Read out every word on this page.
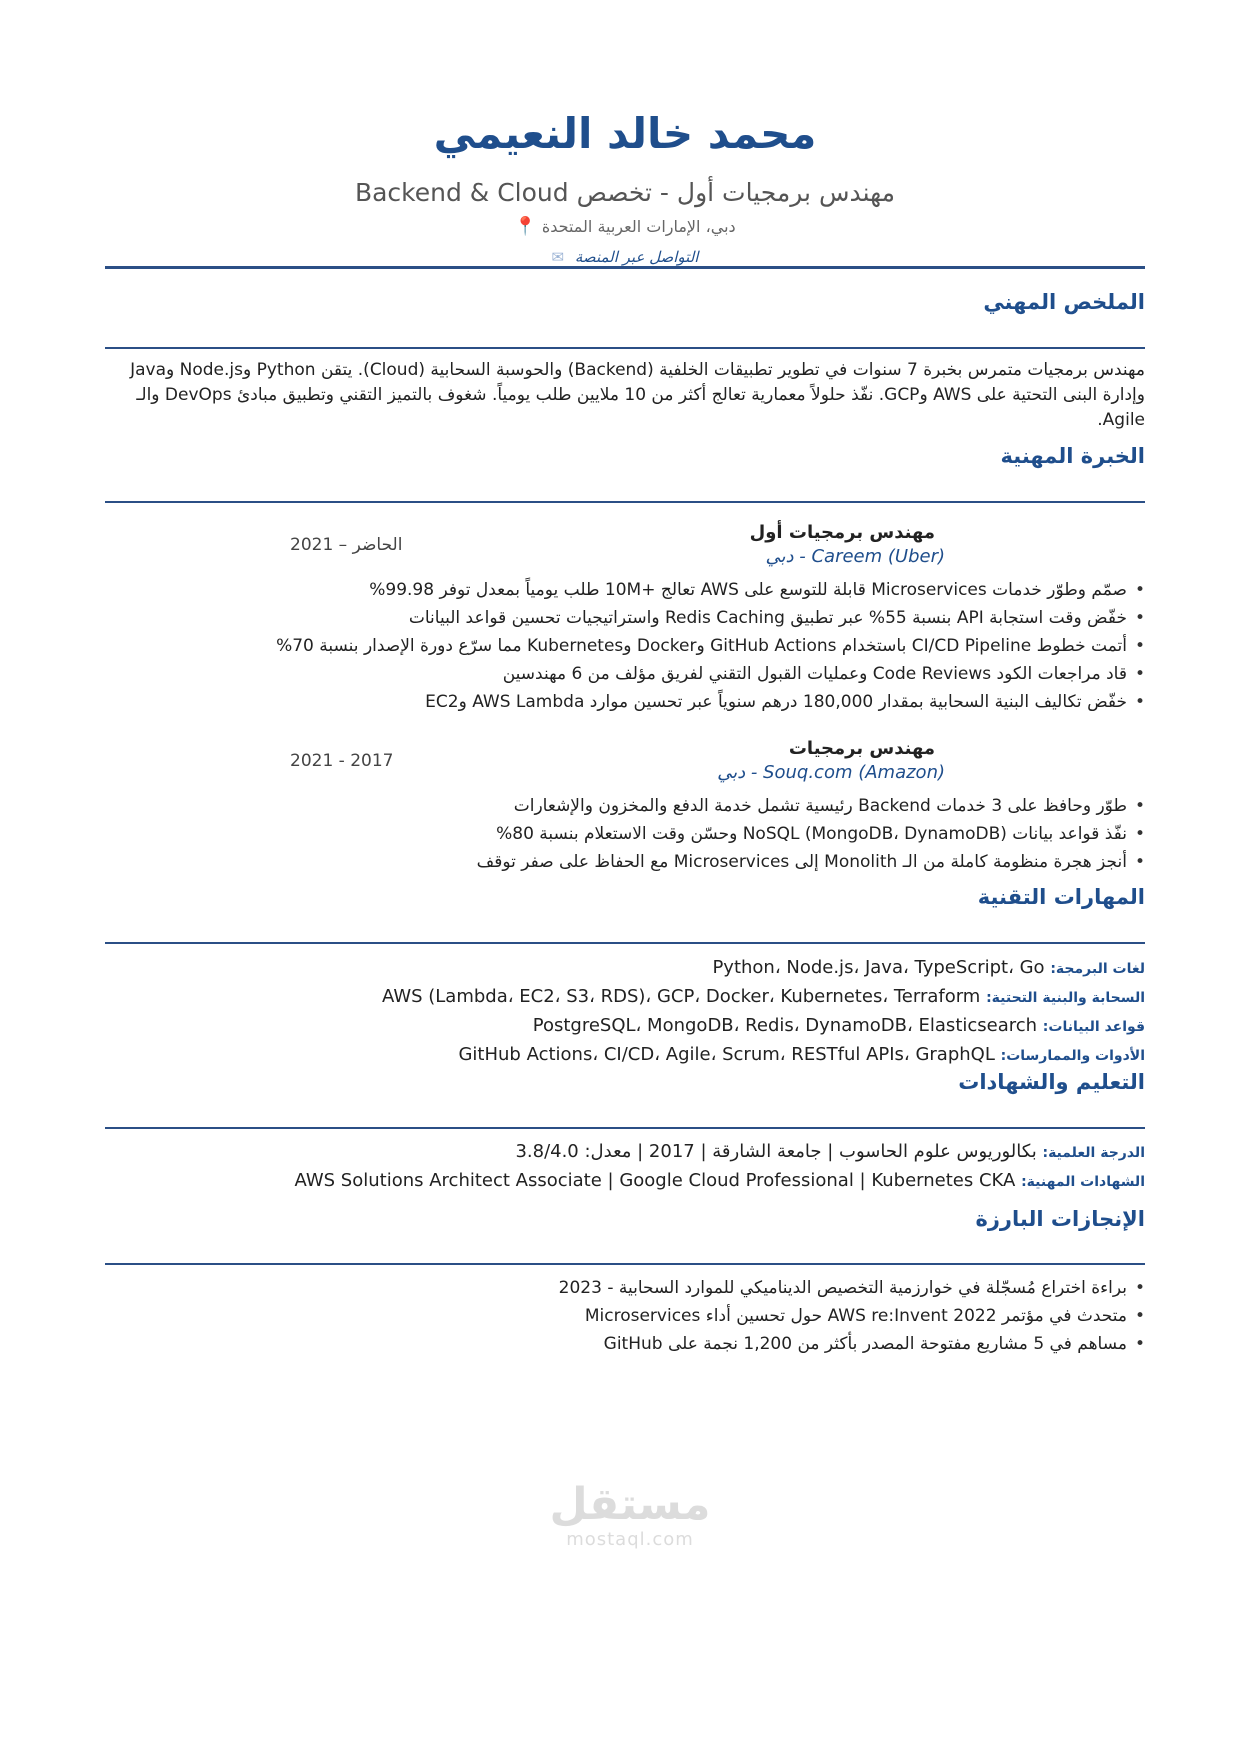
محمد خالد النعيمي
مهندس برمجيات أول - تخصص Backend & Cloud
دبي، الإمارات العربية المتحدة 📍
التواصل عبر المنصة ✉
الملخص المهني
مهندس برمجيات متمرس بخبرة 7 سنوات في تطوير تطبيقات الخلفية (Backend) والحوسبة السحابية (Cloud). يتقن Python وNode.js وJava وإدارة البنى التحتية على AWS وGCP. نفّذ حلولاً معمارية تعالج أكثر من 10 ملايين طلب يومياً. شغوف بالتميز التقني وتطبيق مبادئ DevOps والـ Agile.
الخبرة المهنية
مهندس برمجيات أول
Careem (Uber) - دبي
الحاضر – 2021
• صمّم وطوّر خدمات Microservices قابلة للتوسع على AWS تعالج +10M طلب يومياً بمعدل توفر 99.98%
• خفّض وقت استجابة API بنسبة 55% عبر تطبيق Redis Caching واستراتيجيات تحسين قواعد البيانات
• أتمت خطوط CI/CD Pipeline باستخدام GitHub Actions وDocker وKubernetes مما سرّع دورة الإصدار بنسبة 70%
• قاد مراجعات الكود Code Reviews وعمليات القبول التقني لفريق مؤلف من 6 مهندسين
• خفّض تكاليف البنية السحابية بمقدار 180,000 درهم سنوياً عبر تحسين موارد AWS Lambda وEC2
مهندس برمجيات
Souq.com (Amazon) - دبي
2017 - 2021
• طوّر وحافظ على 3 خدمات Backend رئيسية تشمل خدمة الدفع والمخزون والإشعارات
• نفّذ قواعد بيانات NoSQL (MongoDB، DynamoDB) وحسّن وقت الاستعلام بنسبة 80%
• أنجز هجرة منظومة كاملة من الـ Monolith إلى Microservices مع الحفاظ على صفر توقف
المهارات التقنية
لغات البرمجة: Python، Node.js، Java، TypeScript، Go
السحابة والبنية التحتية: AWS (Lambda، EC2، S3، RDS)، GCP، Docker، Kubernetes، Terraform
قواعد البيانات: PostgreSQL، MongoDB، Redis، DynamoDB، Elasticsearch
الأدوات والممارسات: GitHub Actions، CI/CD، Agile، Scrum، RESTful APIs، GraphQL
التعليم والشهادات
الدرجة العلمية: بكالوريوس علوم الحاسوب | جامعة الشارقة | 2017 | معدل: 3.8/4.0
الشهادات المهنية: AWS Solutions Architect Associate | Google Cloud Professional | Kubernetes CKA
الإنجازات البارزة
• براءة اختراع مُسجّلة في خوارزمية التخصيص الديناميكي للموارد السحابية - 2023
• متحدث في مؤتمر AWS re:Invent 2022 حول تحسين أداء Microservices
• مساهم في 5 مشاريع مفتوحة المصدر بأكثر من 1,200 نجمة على GitHub
مستقل
mostaql.com
